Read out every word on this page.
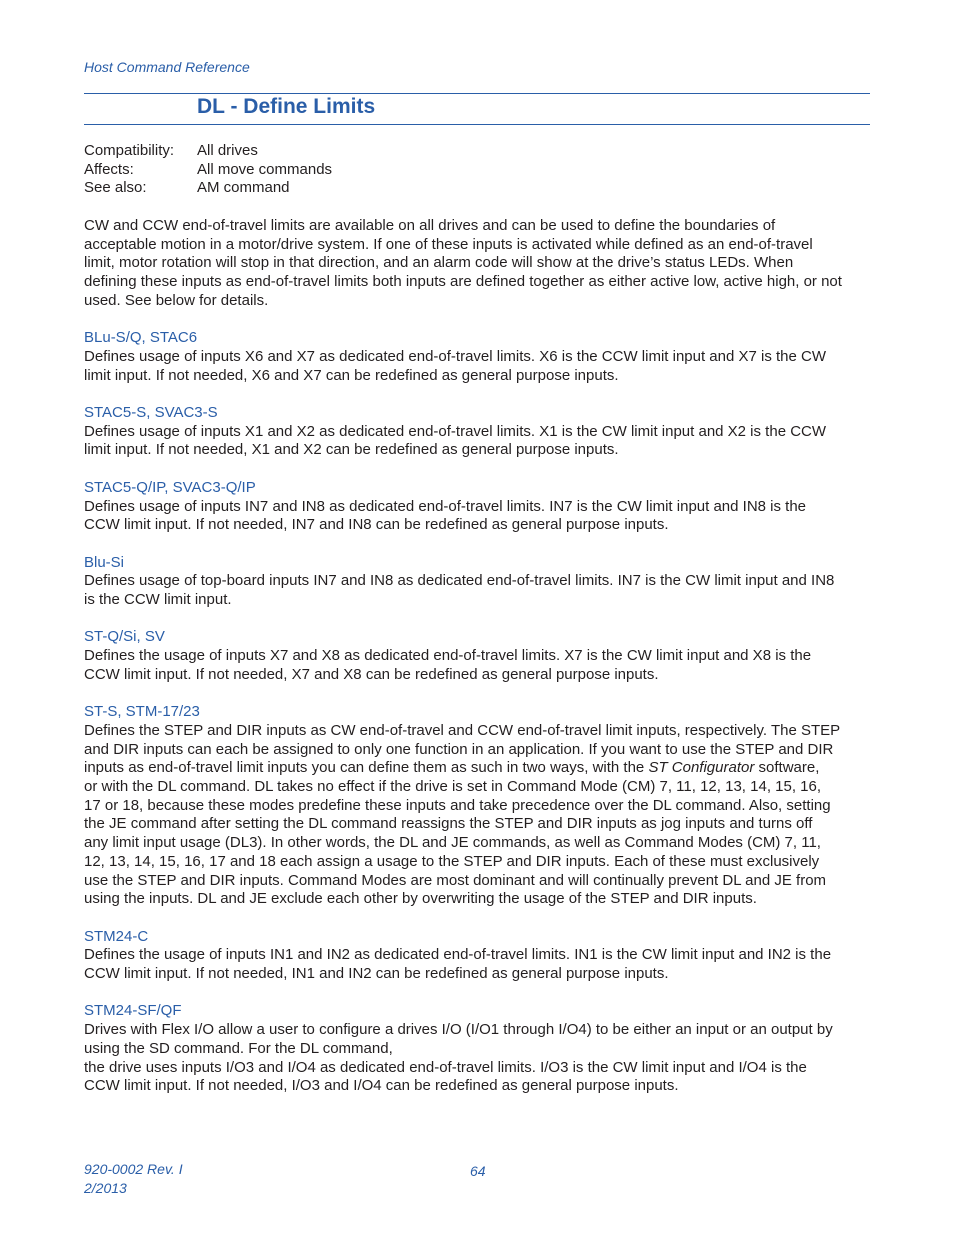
Host Command Reference
DL - Define Limits
Compatibility:	All drives
Affects:	All move commands
See also:	AM command

CW and CCW end-of-travel limits are available on all drives and can be used to define the boundaries of
acceptable motion in a motor/drive system. If one of these inputs is activated while defined as an end-of-travel
limit, motor rotation will stop in that direction, and an alarm code will show at the drive’s status LEDs. When
defining these inputs as end-of-travel limits both inputs are defined together as either active low, active high, or not
used. See below for details.

BLu-S/Q, STAC6
Defines usage of inputs X6 and X7 as dedicated end-of-travel limits. X6 is the CCW limit input and X7 is the CW
limit input. If not needed, X6 and X7 can be redefined as general purpose inputs.
STAC5-S, SVAC3-S
Defines usage of inputs X1 and X2 as dedicated end-of-travel limits. X1 is the CW limit input and X2 is the CCW
limit input. If not needed, X1 and X2 can be redefined as general purpose inputs.
STAC5-Q/IP, SVAC3-Q/IP
Defines usage of inputs IN7 and IN8 as dedicated end-of-travel limits. IN7 is the CW limit input and IN8 is the
CCW limit input. If not needed, IN7 and IN8 can be redefined as general purpose inputs.
Blu-Si
Defines usage of top-board inputs IN7 and IN8 as dedicated end-of-travel limits. IN7 is the CW limit input and IN8
is the CCW limit input.
ST-Q/Si, SV
Defines the usage of inputs X7 and X8 as dedicated end-of-travel limits. X7 is the CW limit input and X8 is the
CCW limit input. If not needed, X7 and X8 can be redefined as general purpose inputs.
ST-S, STM-17/23
Defines the STEP and DIR inputs as CW end-of-travel and CCW end-of-travel limit inputs, respectively. The STEP
and DIR inputs can each be assigned to only one function in an application. If you want to use the STEP and DIR
inputs as end-of-travel limit inputs you can define them as such in two ways, with the ST Configurator software,
or with the DL command. DL takes no effect if the drive is set in Command Mode (CM) 7, 11, 12, 13, 14, 15, 16,
17 or 18, because these modes predefine these inputs and take precedence over the DL command. Also, setting
the JE command after setting the DL command reassigns the STEP and DIR inputs as jog inputs and turns off
any limit input usage (DL3). In other words, the DL and JE commands, as well as Command Modes (CM) 7, 11,
12, 13, 14, 15, 16, 17 and 18 each assign a usage to the STEP and DIR inputs. Each of these must exclusively
use the STEP and DIR inputs. Command Modes are most dominant and will continually prevent DL and JE from
using the inputs. DL and JE exclude each other by overwriting the usage of the STEP and DIR inputs.
STM24-C
Defines the usage of inputs IN1 and IN2 as dedicated end-of-travel limits. IN1 is the CW limit input and IN2 is the
CCW limit input. If not needed, IN1 and IN2 can be redefined as general purpose inputs.
STM24-SF/QF
Drives with Flex I/O allow a user to configure a drives I/O (I/O1 through I/O4) to be either an input or an output by
using the SD command. For the DL command,
the drive uses inputs I/O3 and I/O4 as dedicated end-of-travel limits. I/O3 is the CW limit input and I/O4 is the
CCW limit input. If not needed, I/O3 and I/O4 can be redefined as general purpose inputs.
920-0002 Rev. I
2/2013
64
